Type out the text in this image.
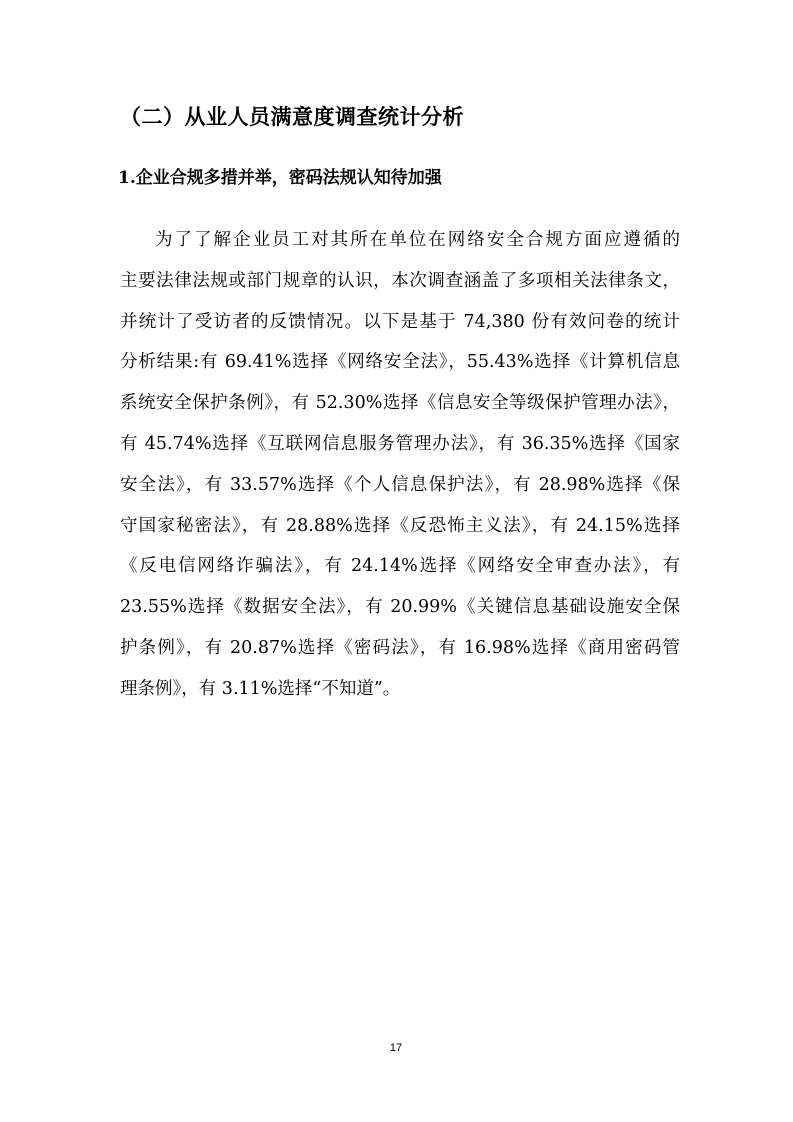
（二）从业人员满意度调查统计分析
1.企业合规多措并举，密码法规认知待加强

为了了解企业员工对其所在单位在网络安全合规方面应遵循的
主要法律法规或部门规章的认识，本次调查涵盖了多项相关法律条文，
并统计了受访者的反馈情况。以下是基于 74,380 份有效问卷的统计
分析结果:有 69.41%选择《网络安全法》，55.43%选择《计算机信息
系统安全保护条例》，有 52.30%选择《信息安全等级保护管理办法》，
有 45.74%选择《互联网信息服务管理办法》，有 36.35%选择《国家
安全法》，有 33.57%选择《个人信息保护法》，有 28.98%选择《保
守国家秘密法》，有 28.88%选择《反恐怖主义法》，有 24.15%选择
《反电信网络诈骗法》，有 24.14%选择《网络安全审查办法》，有
23.55%选择《数据安全法》，有 20.99%《关键信息基础设施安全保
护条例》，有 20.87%选择《密码法》，有 16.98%选择《商用密码管
理条例》，有 3.11%选择“不知道”。

17
